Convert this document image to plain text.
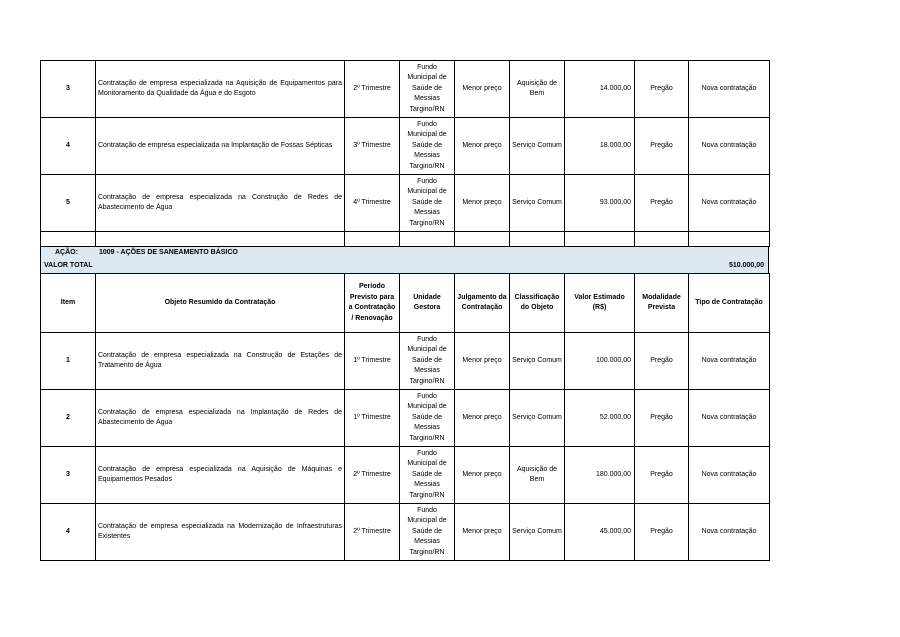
3	Contratação de empresa especializada na Aquisição de Equipamentos para Monitoramento da Qualidade da Água e do Esgoto	2º Trimestre	Fundo Municipal de Saúde de Messias Targino/RN	Menor preço	Aquisição de Bem	14.000,00	Pregão	Nova contratação
4	Contratação de empresa especializada na Implantação de Fossas Sépticas	3º Trimestre	Fundo Municipal de Saúde de Messias Targino/RN	Menor preço	Serviço Comum	18.000,00	Pregão	Nova contratação
5	Contratação de empresa especializada na Construção de Redes de Abastecimento de Água	4º Trimestre	Fundo Municipal de Saúde de Messias Targino/RN	Menor preço	Serviço Comum	93.000,00	Pregão	Nova contratação

AÇÃO:	1009 - AÇÕES DE SANEAMENTO BÁSICO
VALOR TOTAL	510.000,00
Item	Objeto Resumido da Contratação	Período Previsto para a Contratação / Renovação	Unidade Gestora	Julgamento da Contratação	Classificação do Objeto	Valor Estimado (R$)	Modalidade Prevista	Tipo de Contratação
1	Contratação de empresa especializada na Construção de Estações de Tratamento de Água	1º Trimestre	Fundo Municipal de Saúde de Messias Targino/RN	Menor preço	Serviço Comum	100.000,00	Pregão	Nova contratação
2	Contratação de empresa especializada na Implantação de Redes de Abastecimento de Água	1º Trimestre	Fundo Municipal de Saúde de Messias Targino/RN	Menor preço	Serviço Comum	52.000,00	Pregão	Nova contratação
3	Contratação de empresa especializada na Aquisição de Máquinas e Equipamentos Pesados	2º Trimestre	Fundo Municipal de Saúde de Messias Targino/RN	Menor preço	Aquisição de Bem	180.000,00	Pregão	Nova contratação
4	Contratação de empresa especializada na Modernização de Infraestruturas Existentes	2º Trimestre	Fundo Municipal de Saúde de Messias Targino/RN	Menor preço	Serviço Comum	45.000,00	Pregão	Nova contratação
